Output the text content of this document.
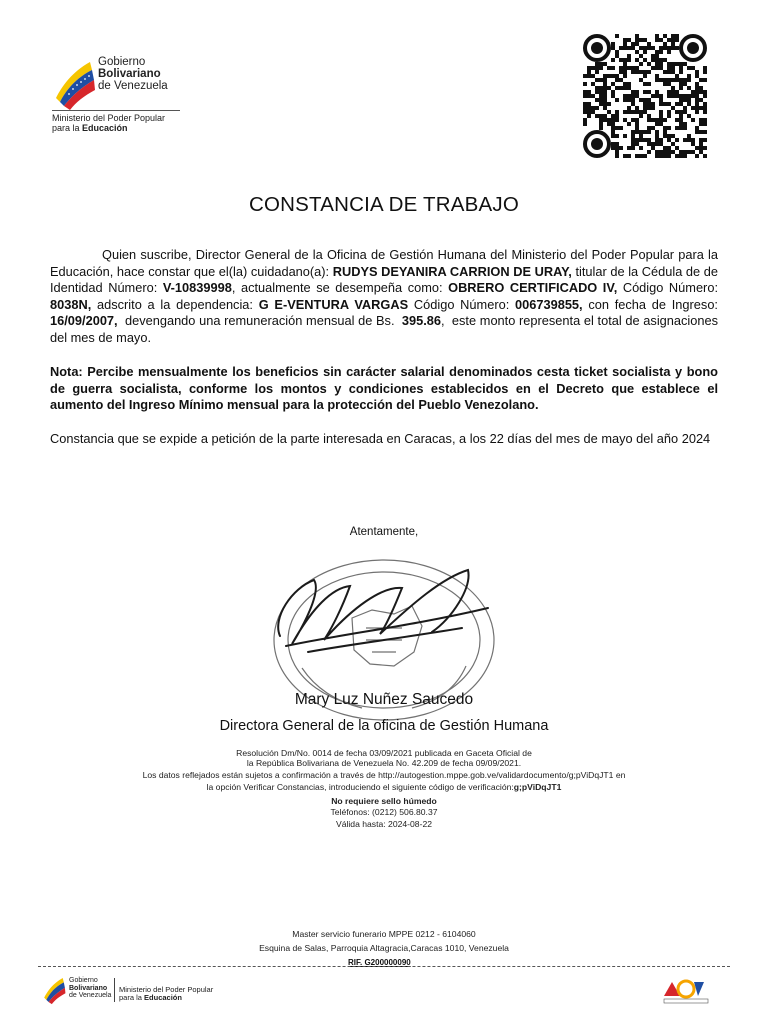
Gobierno
Bolivariano
de Venezuela
Ministerio del Poder Popular
para la Educación
CONSTANCIA DE TRABAJO
Quien suscribe, Director General de la Oficina de Gestión Humana del Ministerio del Poder Popular para la Educación, hace constar que el(la) cuidadano(a): RUDYS DEYANIRA CARRION DE URAY, titular de la Cédula de de Identidad Número: V-10839998, actualmente se desempeña como: OBRERO CERTIFICADO IV, Código Número: 8038N, adscrito a la dependencia: G E-VENTURA VARGAS Código Número: 006739855, con fecha de Ingreso: 16/09/2007,  devengando una remuneración mensual de Bs.  395.86,  este monto representa el total de asignaciones del mes de mayo.
Nota: Percibe mensualmente los beneficios sin carácter salarial denominados cesta ticket socialista y bono de guerra socialista, conforme los montos y condiciones establecidos en el Decreto que establece el aumento del Ingreso Mínimo mensual para la protección del Pueblo Venezolano.
Constancia que se expide a petición de la parte interesada en Caracas, a los 22 días del mes de mayo del año 2024
Atentamente,
Mary Luz Nuñez Saucedo
Directora General de la oficina de Gestión Humana
Resolución Dm/No. 0014 de fecha 03/09/2021 publicada en Gaceta Oficial de
la República Bolivariana de Venezuela No. 42.209 de fecha 09/09/2021.
Los datos reflejados están sujetos a confirmación a través de http://autogestion.mppe.gob.ve/validardocumento/g;pViDqJT1 en
la opción Verificar Constancias, introduciendo el siguiente código de verificación:g;pViDqJT1
No requiere sello húmedo
Teléfonos: (0212) 506.80.37
Válida hasta: 2024-08-22
Master servicio funerario MPPE 0212 - 6104060
Esquina de Salas, Parroquia Altagracia,Caracas 1010, Venezuela
RIF. G200000090
Gobierno
Bolivariano
de Venezuela
Ministerio del Poder Popular
para la Educación
